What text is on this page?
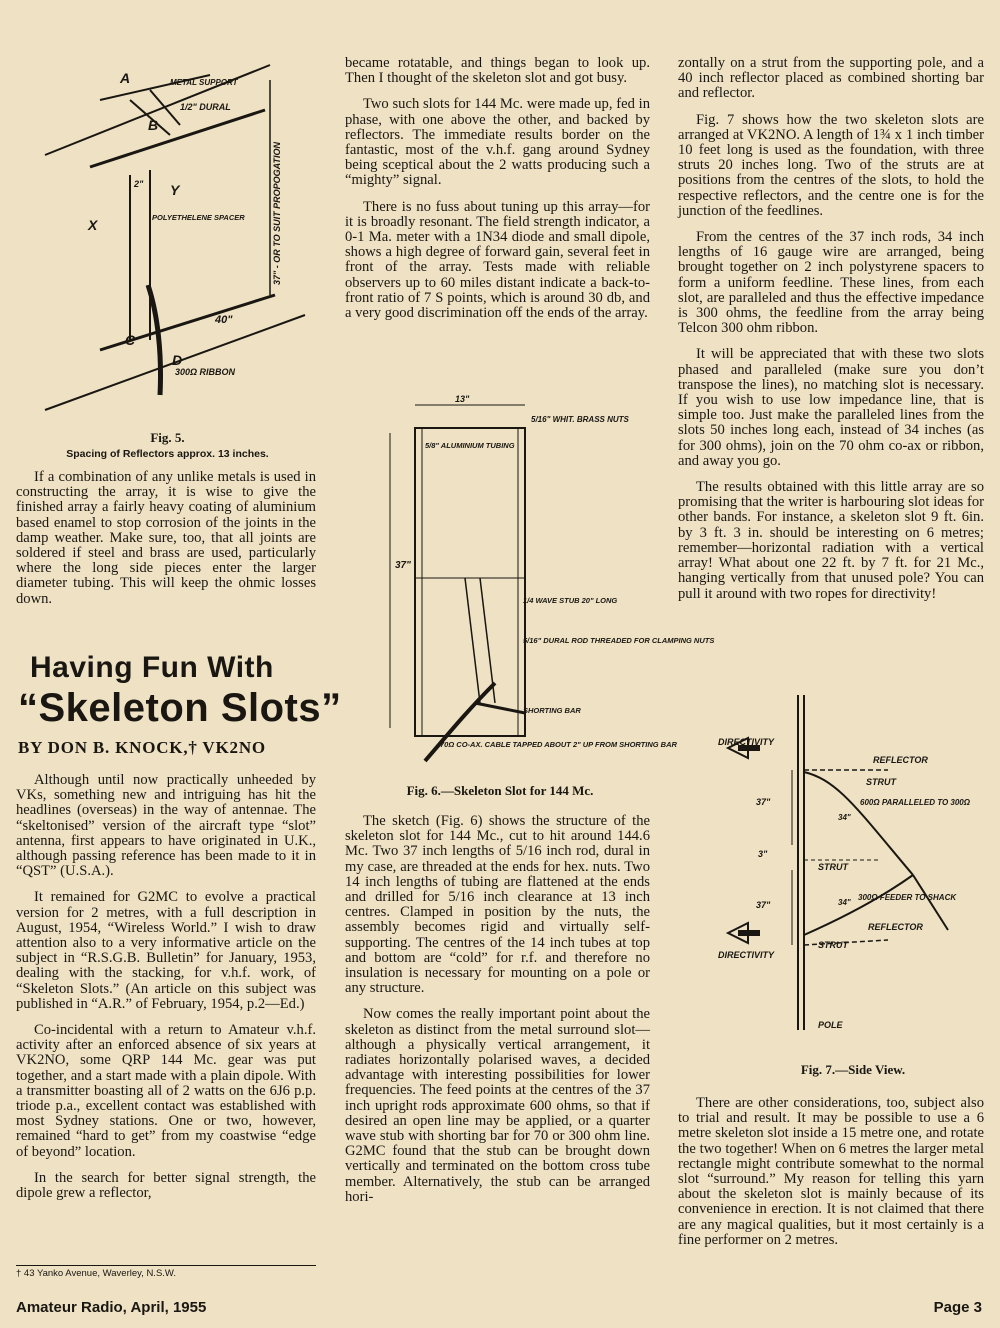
A
B
C
D
X
Y
METAL SUPPORT
1/2" DURAL
2"
POLYETHELENE SPACER
40"
300Ω RIBBON
37" - OR TO SUIT PROPOGATION
Fig. 5.
Spacing of Reflectors approx. 13 inches.

If a combination of any unlike metals is used in constructing the array, it is wise to give the finished array a fairly heavy coating of aluminium based enamel to stop corrosion of the joints in the damp weather. Make sure, too, that all joints are soldered if steel and brass are used, particularly where the long side pieces enter the larger diameter tubing. This will keep the ohmic losses down.

Having Fun With
“Skeleton Slots”
BY DON B. KNOCK,† VK2NO

Although until now practically unheeded by VKs, something new and intriguing has hit the headlines (overseas) in the way of antennae. The “skeltonised” version of the aircraft type “slot” antenna, first appears to have originated in U.K., although passing reference has been made to it in “QST” (U.S.A.).

It remained for G2MC to evolve a practical version for 2 metres, with a full description in August, 1954, “Wireless World.” I wish to draw attention also to a very informative article on the subject in “R.S.G.B. Bulletin” for January, 1953, dealing with the stacking, for v.h.f. work, of “Skeleton Slots.” (An article on this subject was published in “A.R.” of February, 1954, p.2—Ed.)

Co-incidental with a return to Amateur v.h.f. activity after an enforced absence of six years at VK2NO, some QRP 144 Mc. gear was put together, and a start made with a plain dipole. With a transmitter boasting all of 2 watts on the 6J6 p.p. triode p.a., excellent contact was established with most Sydney stations. One or two, however, remained “hard to get” from my coastwise “edge of beyond” location.

In the search for better signal strength, the dipole grew a reflector,

† 43 Yanko Avenue, Waverley, N.S.W.

became rotatable, and things began to look up. Then I thought of the skeleton slot and got busy.

Two such slots for 144 Mc. were made up, fed in phase, with one above the other, and backed by reflectors. The immediate results border on the fantastic, most of the v.h.f. gang around Sydney being sceptical about the 2 watts producing such a “mighty” signal.

There is no fuss about tuning up this array—for it is broadly resonant. The field strength indicator, a 0-1 Ma. meter with a 1N34 diode and small dipole, shows a high degree of forward gain, several feet in front of the array. Tests made with reliable observers up to 60 miles distant indicate a back-to-front ratio of 7 S points, which is around 30 db, and a very good discrimination off the ends of the array.

13"
5/16" WHIT. BRASS NUTS
5/8" ALUMINIUM TUBING
37"
1/4 WAVE STUB 20" LONG
5/16" DURAL ROD THREADED FOR CLAMPING NUTS
SHORTING BAR
70Ω CO-AX. CABLE TAPPED ABOUT 2" UP FROM SHORTING BAR
Fig. 6.—Skeleton Slot for 144 Mc.

The sketch (Fig. 6) shows the structure of the skeleton slot for 144 Mc., cut to hit around 144.6 Mc. Two 37 inch lengths of 5/16 inch rod, dural in my case, are threaded at the ends for hex. nuts. Two 14 inch lengths of tubing are flattened at the ends and drilled for 5/16 inch clearance at 13 inch centres. Clamped in position by the nuts, the assembly becomes rigid and virtually self-supporting. The centres of the 14 inch tubes at top and bottom are “cold” for r.f. and therefore no insulation is necessary for mounting on a pole or any structure.

Now comes the really important point about the skeleton as distinct from the metal surround slot—although a physically vertical arrangement, it radiates horizontally polarised waves, a decided advantage with interesting possibilities for lower frequencies. The feed points at the centres of the 37 inch upright rods approximate 600 ohms, so that if desired an open line may be applied, or a quarter wave stub with shorting bar for 70 or 300 ohm line. G2MC found that the stub can be brought down vertically and terminated on the bottom cross tube member. Alternatively, the stub can be arranged hori-

zontally on a strut from the supporting pole, and a 40 inch reflector placed as combined shorting bar and reflector.

Fig. 7 shows how the two skeleton slots are arranged at VK2NO. A length of 1¾ x 1 inch timber 10 feet long is used as the foundation, with three struts 20 inches long. Two of the struts are at positions from the centres of the slots, to hold the respective reflectors, and the centre one is for the junction of the feedlines.

From the centres of the 37 inch rods, 34 inch lengths of 16 gauge wire are arranged, being brought together on 2 inch polystyrene spacers to form a uniform feedline. These lines, from each slot, are paralleled and thus the effective impedance is 300 ohms, the feedline from the array being Telcon 300 ohm ribbon.

It will be appreciated that with these two slots phased and paralleled (make sure you don’t transpose the lines), no matching slot is necessary. If you wish to use low impedance line, that is simple too. Just make the paralleled lines from the slots 50 inches long each, instead of 34 inches (as for 300 ohms), join on the 70 ohm co-ax or ribbon, and away you go.

The results obtained with this little array are so promising that the writer is harbouring slot ideas for other bands. For instance, a skeleton slot 9 ft. 6in. by 3 ft. 3 in. should be interesting on 6 metres; remember—horizontal radiation with a vertical array! What about one 22 ft. by 7 ft. for 21 Mc., hanging vertically from that unused pole? You can pull it around with two ropes for directivity!

DIRECTIVITY
DIRECTIVITY
REFLECTOR
REFLECTOR
STRUT
STRUT
STRUT
600Ω PARALLELED TO 300Ω
300Ω FEEDER TO SHACK
37"
3"
37"
POLE
34"
34"
Fig. 7.—Side View.

There are other considerations, too, subject also to trial and result. It may be possible to use a 6 metre skeleton slot inside a 15 metre one, and rotate the two together! When on 6 metres the larger metal rectangle might contribute somewhat to the normal slot “surround.” My reason for telling this yarn about the skeleton slot is mainly because of its convenience in erection. It is not claimed that there are any magical qualities, but it most certainly is a fine performer on 2 metres.

Amateur Radio, April, 1955	Page 3
